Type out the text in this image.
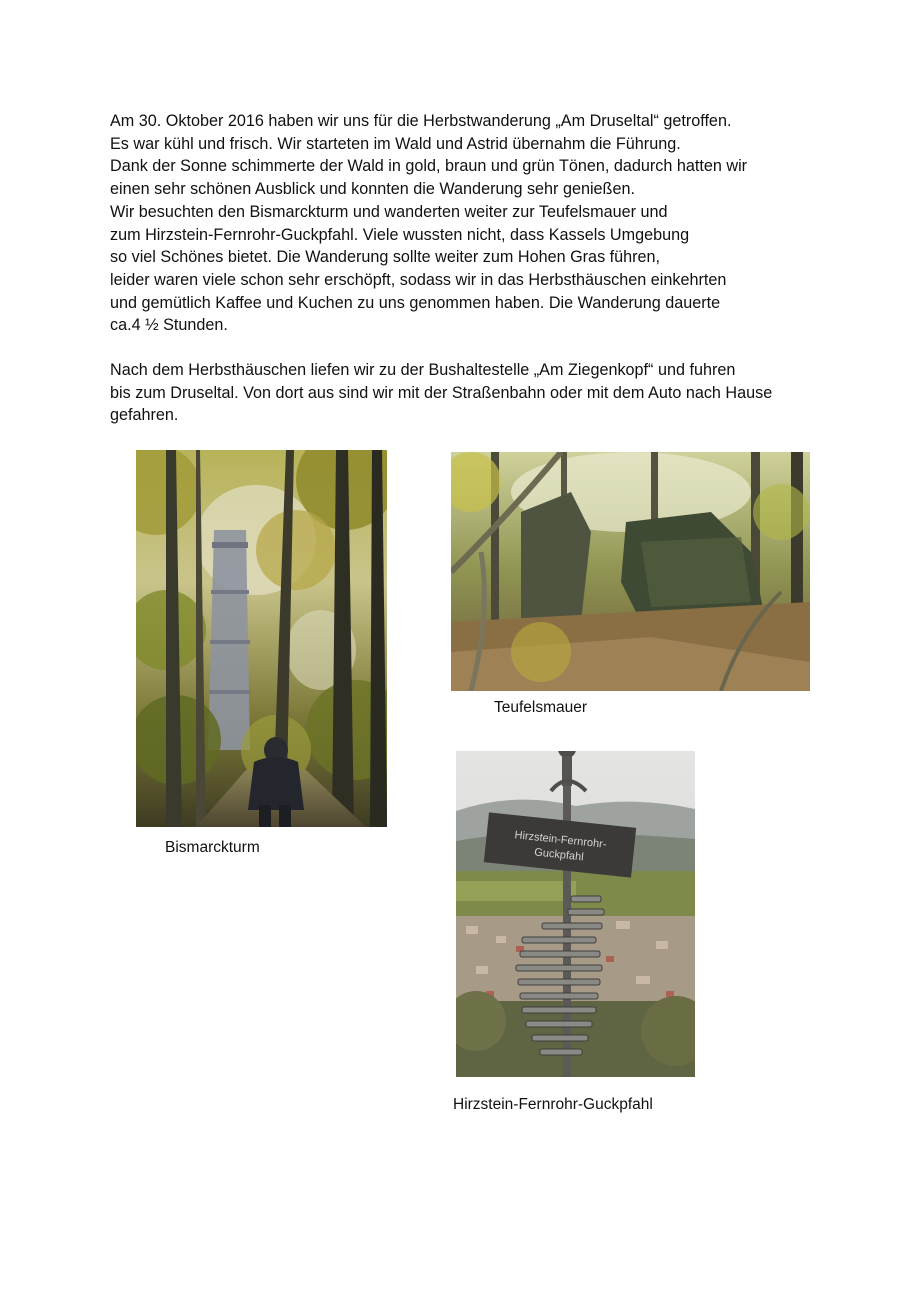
Am 30. Oktober 2016 haben wir uns für die Herbstwanderung „Am Druseltal“ getroffen.
Es war kühl und frisch. Wir starteten im Wald und Astrid übernahm die Führung.
Dank der Sonne schimmerte der Wald in gold, braun und grün Tönen, dadurch hatten wir
einen sehr schönen Ausblick und konnten die Wanderung sehr genießen.
Wir besuchten den Bismarckturm und wanderten weiter zur Teufelsmauer und
zum Hirzstein-Fernrohr-Guckpfahl. Viele wussten nicht, dass Kassels Umgebung
so viel Schönes bietet. Die Wanderung sollte weiter zum Hohen Gras führen,
leider waren viele schon sehr erschöpft, sodass wir in das Herbsthäuschen einkehrten
und gemütlich Kaffee und Kuchen zu uns genommen haben. Die Wanderung dauerte
ca.4 ½ Stunden.
Nach dem Herbsthäuschen liefen wir zu der Bushaltestelle „Am Ziegenkopf“ und fuhren
bis zum Druseltal. Von dort aus sind wir mit der Straßenbahn oder mit dem Auto nach Hause
gefahren.
Hirzstein-Fernrohr-
Guckpfahl
Bismarckturm
Teufelsmauer
Hirzstein-Fernrohr-Guckpfahl
